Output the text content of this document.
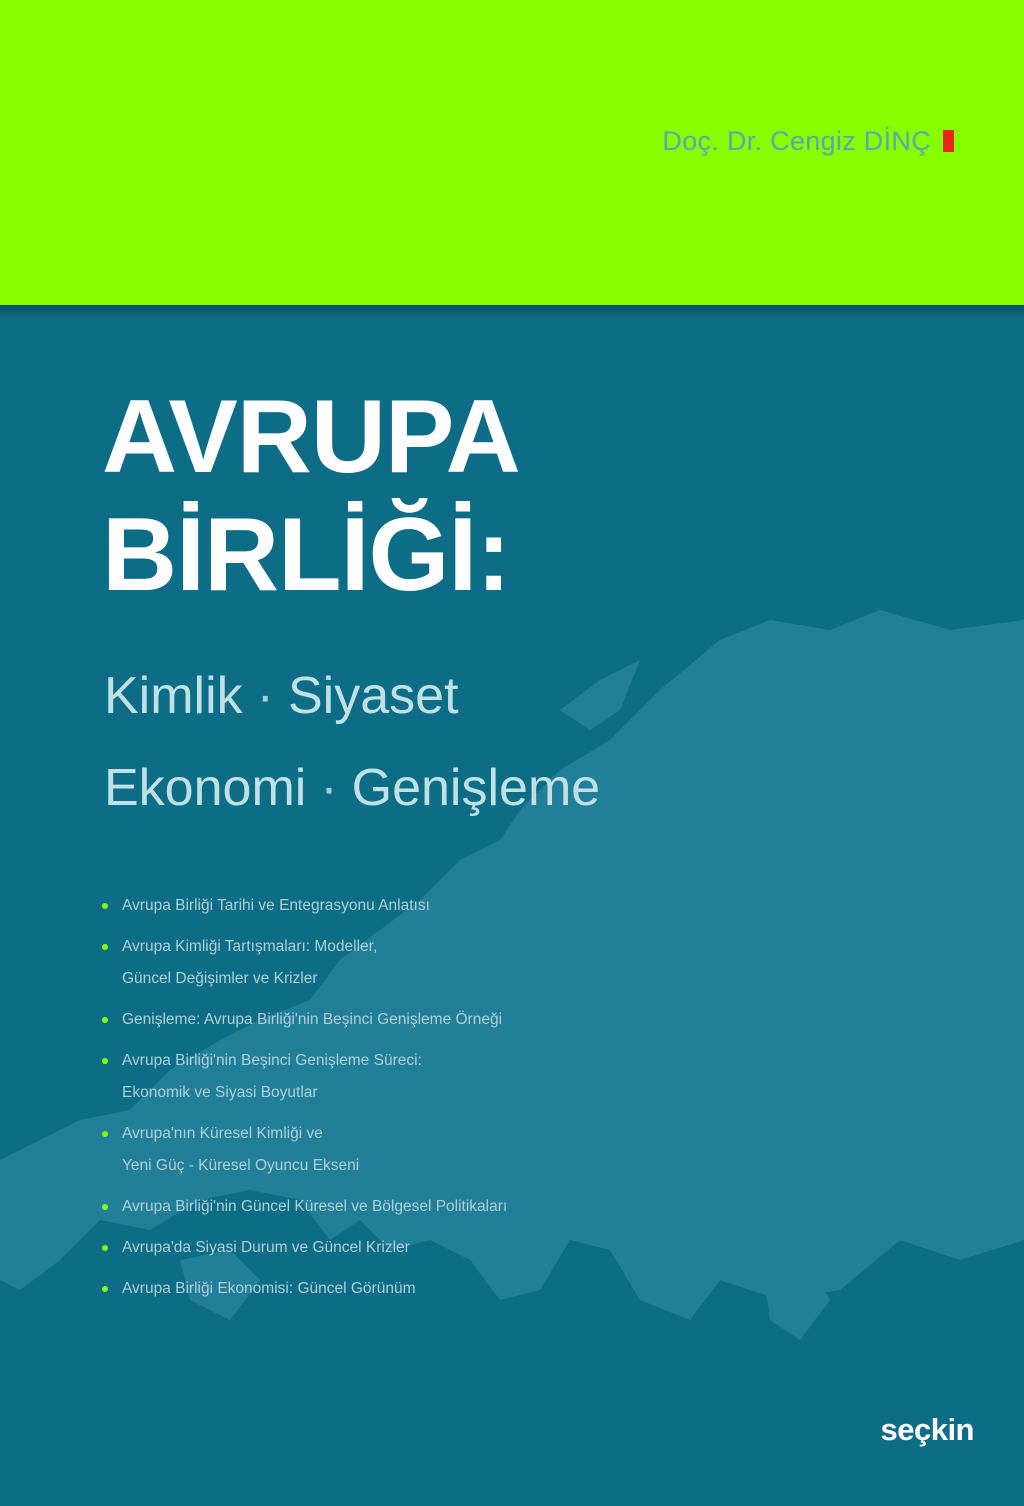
Doç. Dr. Cengiz DİNÇ
AVRUPA
BİRLİĞİ:
Kimlik · Siyaset
Ekonomi · Genişleme
Avrupa Birliği Tarihi ve Entegrasyonu Anlatısı
Avrupa Kimliği Tartışmaları: Modeller,
Güncel Değişimler ve Krizler
Genişleme: Avrupa Birliği'nin Beşinci Genişleme Örneği
Avrupa Birliği'nin Beşinci Genişleme Süreci:
Ekonomik ve Siyasi Boyutlar
Avrupa'nın Küresel Kimliği ve
Yeni Güç - Küresel Oyuncu Ekseni
Avrupa Birliği'nin Güncel Küresel ve Bölgesel Politikaları
Avrupa'da Siyasi Durum ve Güncel Krizler
Avrupa Birliği Ekonomisi: Güncel Görünüm
seçkin
